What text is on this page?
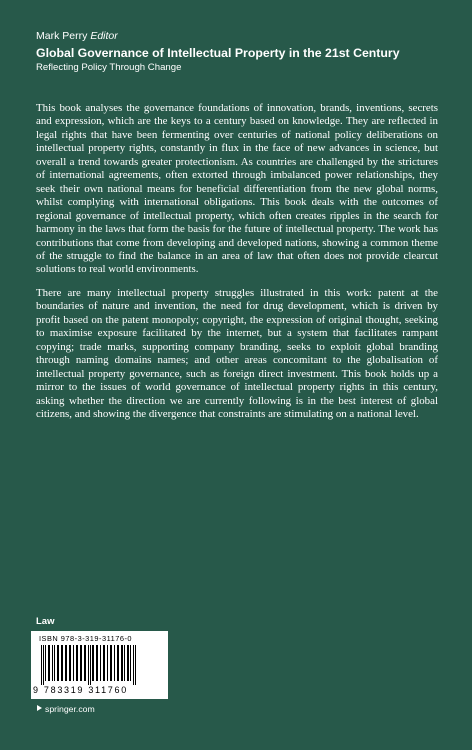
Mark Perry Editor
Global Governance of Intellectual Property in the 21st Century
Reflecting Policy Through Change

This book analyses the governance foundations of innovation, brands, inventions, secrets and expression, which are the keys to a century based on knowledge. They are reflected in legal rights that have been fermenting over centuries of national policy deliberations on intellectual property rights, constantly in flux in the face of new advances in science, but overall a trend towards greater protectionism. As countries are challenged by the strictures of international agreements, often extorted through imbalanced power relationships, they seek their own national means for beneficial differentiation from the new global norms, whilst complying with international obligations. This book deals with the outcomes of regional governance of intellectual property, which often creates ripples in the search for harmony in the laws that form the basis for the future of intellectual property. The work has contributions that come from developing and developed nations, showing a common theme of the struggle to find the balance in an area of law that often does not provide clearcut solutions to real world environments.

There are many intellectual property struggles illustrated in this work: patent at the boundaries of nature and invention, the need for drug development, which is driven by profit based on the patent monopoly; copyright, the expression of original thought, seeking to maximise exposure facilitated by the internet, but a system that facilitates rampant copying; trade marks, supporting company branding, seeks to exploit global branding through naming domains names; and other areas concomitant to the globalisation of intellectual property governance, such as foreign direct investment. This book holds up a mirror to the issues of world governance of intellectual property rights in this century, asking whether the direction we are currently following is in the best interest of global citizens, and showing the divergence that constraints are stimulating on a national level.

Law
ISBN 978-3-319-31176-0
9 783319 311760
springer.com
